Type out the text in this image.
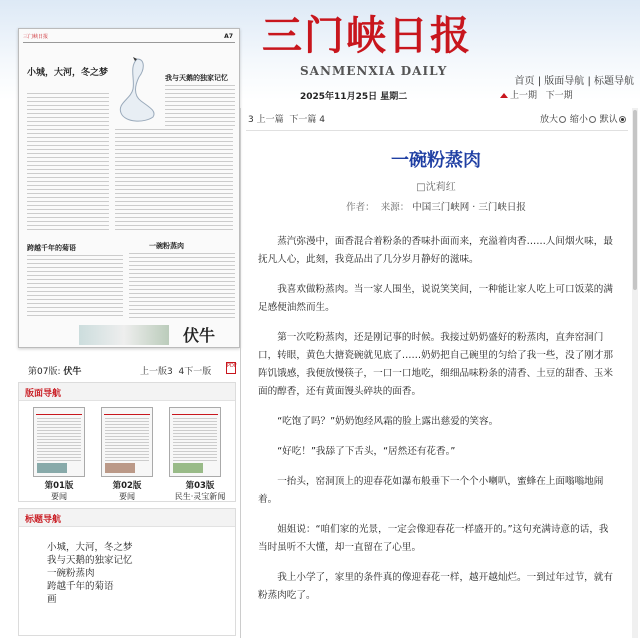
三门峡日报
SANMENXIA DAILY
首页 | 版面导航 | 标题导航
2025年11月25日 星期二	上一期 下一期
三门峡日报	A7
小城，大河，冬之梦	我与天鹅的独家记忆
跨越千年的菊语	一碗粉蒸肉
伏牛
第07版: 伏牛	上一版3 4下一版
PDF
版面导航
第01版
要闻
第02版
要闻
第03版
民生·灵宝新闻
标题导航
小城，大河，冬之梦
我与天鹅的独家记忆
一碗粉蒸肉
跨越千年的菊语
画
3 上一篇 下一篇 4	放大 缩小 默认
一碗粉蒸肉
□沈莉红
作者： 来源： 中国三门峡网 · 三门峡日报

蒸汽弥漫中，面香混合着粉条的香味扑面而来，充溢着肉香……人间烟火味，最抚凡人心，此刻，我竟品出了几分岁月静好的滋味。

我喜欢做粉蒸肉。当一家人围坐，说说笑笑间，一种能让家人吃上可口饭菜的满足感便油然而生。

第一次吃粉蒸肉，还是刚记事的时候。我接过奶奶盛好的粉蒸肉，直奔窑洞门口，转眼，黄色大搪瓷碗就见底了……奶奶把自己碗里的匀给了我一些，没了刚才那阵饥饿感，我便放慢筷子，一口一口地吃，细细品味粉条的清香、土豆的甜香、玉米面的醇香，还有黄面馒头碎块的面香。

“吃饱了吗？”奶奶饱经风霜的脸上露出慈爱的笑容。

“好吃！”我舔了下舌头，“居然还有花香。”

一抬头，窑洞顶上的迎春花如瀑布般垂下一个个小喇叭，蜜蜂在上面嗡嗡地闹着。

姐姐说：“咱们家的光景，一定会像迎春花一样盛开的。”这句充满诗意的话，我当时虽听不大懂，却一直留在了心里。

我上小学了，家里的条件真的像迎春花一样，越开越灿烂。一到过年过节，就有粉蒸肉吃了。
